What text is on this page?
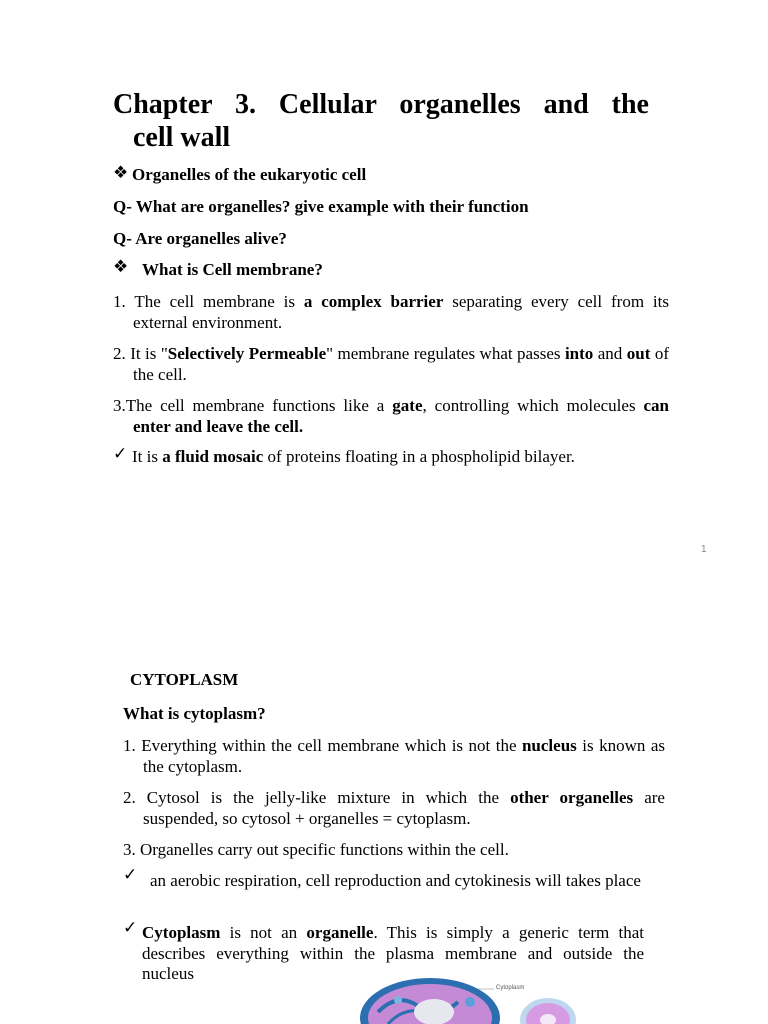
Chapter 3. Cellular organelles and the
cell wall
❖ Organelles of the eukaryotic cell
Q- What are organelles? give example with their function
Q- Are organelles alive?
❖ What is Cell membrane?
1. The cell membrane is a complex barrier separating every cell from its external environment.
2. It is "Selectively Permeable" membrane regulates what passes into and out of the cell.
3.The cell membrane functions like a gate, controlling which molecules can enter and leave the cell.
✓ It is a fluid mosaic of proteins floating in a phospholipid bilayer.
1
CYTOPLASM
What is cytoplasm?
1. Everything within the cell membrane which is not the nucleus is known as the cytoplasm.
2. Cytosol is the jelly-like mixture in which the other organelles are suspended, so cytosol + organelles = cytoplasm.
3. Organelles carry out specific functions within the cell.
✓ an aerobic respiration, cell reproduction and cytokinesis will takes place
✓ Cytoplasm is not an organelle. This is simply a generic term that describes everything within the plasma membrane and outside the nucleus
Cytoplasm
